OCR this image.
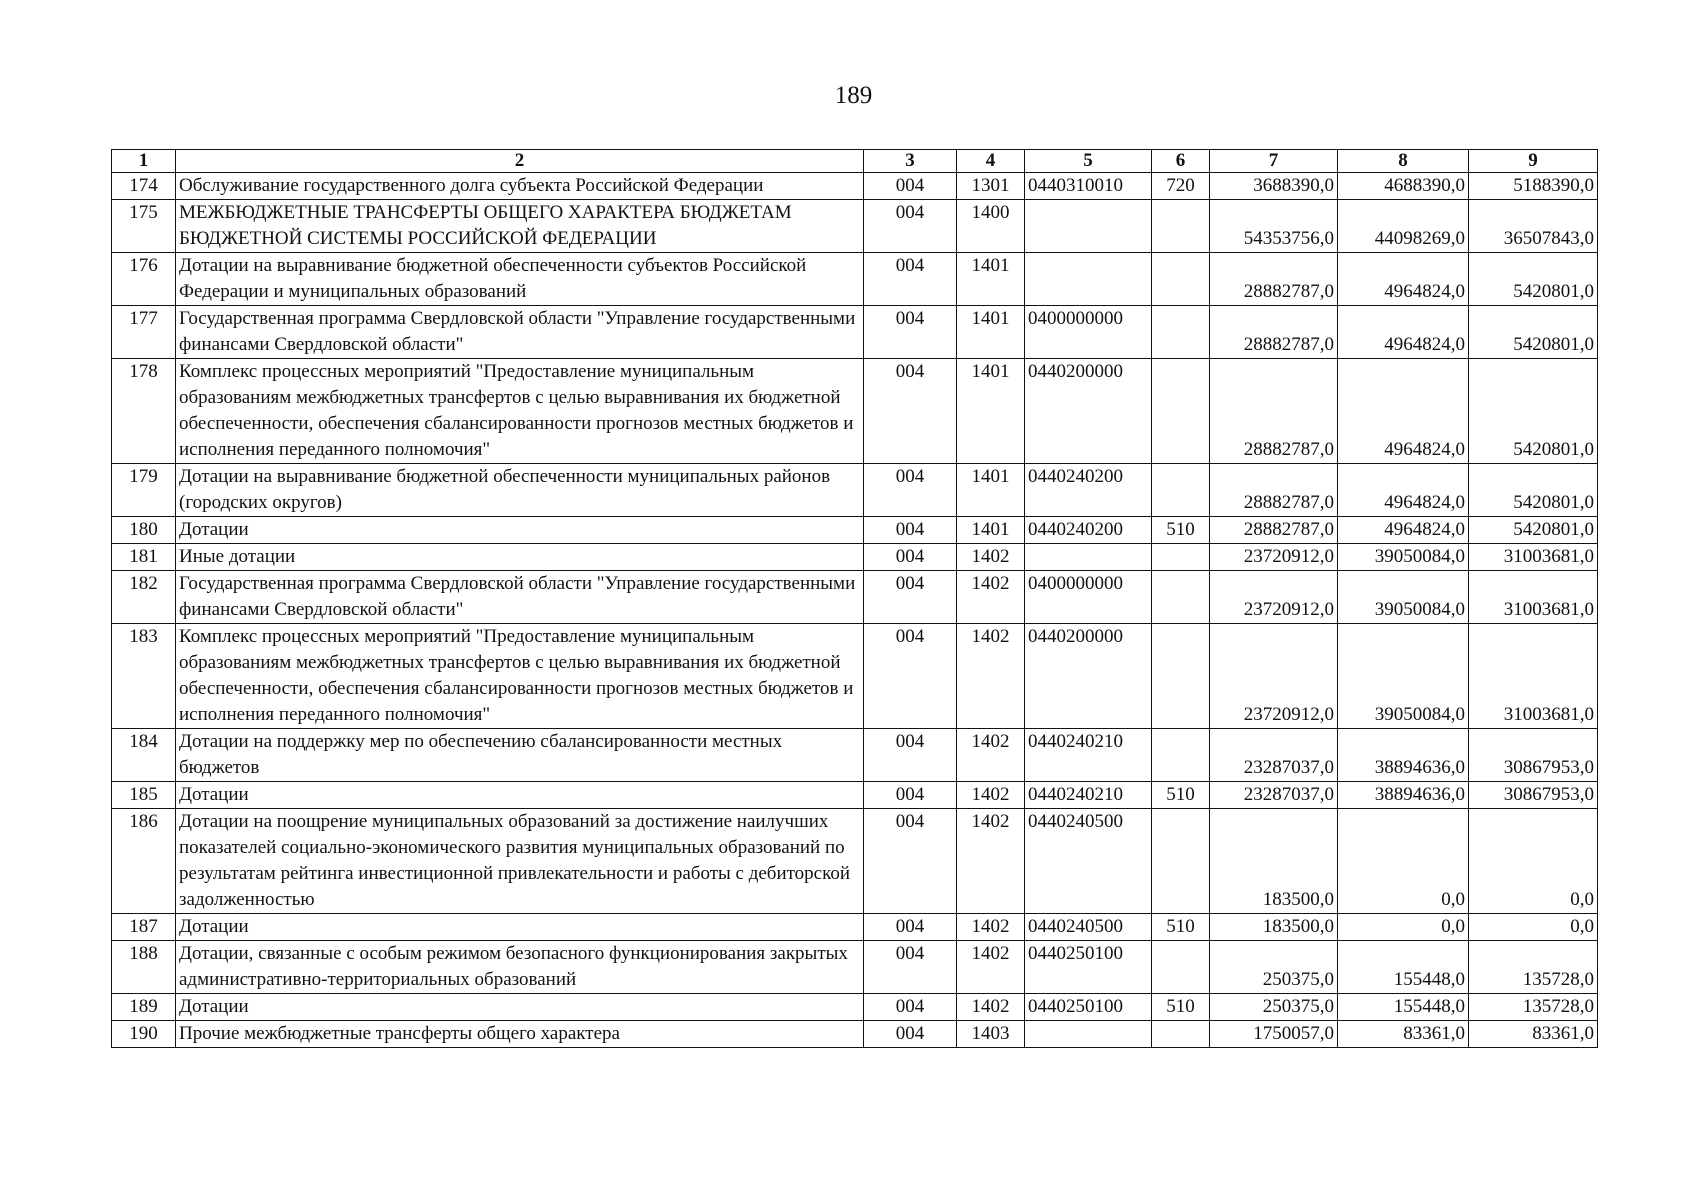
189
1	2	3	4	5	6	7	8	9
174	Обслуживание государственного долга субъекта Российской Федерации	004	1301	0440310010	720	3688390,0	4688390,0	5188390,0
175	МЕЖБЮДЖЕТНЫЕ ТРАНСФЕРТЫ ОБЩЕГО ХАРАКТЕРА БЮДЖЕТАМ БЮДЖЕТНОЙ СИСТЕМЫ РОССИЙСКОЙ ФЕДЕРАЦИИ	004	1400			54353756,0	44098269,0	36507843,0
176	Дотации на выравнивание бюджетной обеспеченности субъектов Российской Федерации и муниципальных образований	004	1401			28882787,0	4964824,0	5420801,0
177	Государственная программа Свердловской области "Управление государственными финансами Свердловской области"	004	1401	0400000000		28882787,0	4964824,0	5420801,0
178	Комплекс процессных мероприятий "Предоставление муниципальным образованиям межбюджетных трансфертов с целью выравнивания их бюджетной обеспеченности, обеспечения сбалансированности прогнозов местных бюджетов и исполнения переданного полномочия"	004	1401	0440200000		28882787,0	4964824,0	5420801,0
179	Дотации на выравнивание бюджетной обеспеченности муниципальных районов (городских округов)	004	1401	0440240200		28882787,0	4964824,0	5420801,0
180	Дотации	004	1401	0440240200	510	28882787,0	4964824,0	5420801,0
181	Иные дотации	004	1402			23720912,0	39050084,0	31003681,0
182	Государственная программа Свердловской области "Управление государственными финансами Свердловской области"	004	1402	0400000000		23720912,0	39050084,0	31003681,0
183	Комплекс процессных мероприятий "Предоставление муниципальным образованиям межбюджетных трансфертов с целью выравнивания их бюджетной обеспеченности, обеспечения сбалансированности прогнозов местных бюджетов и исполнения переданного полномочия"	004	1402	0440200000		23720912,0	39050084,0	31003681,0
184	Дотации на поддержку мер по обеспечению сбалансированности местных бюджетов	004	1402	0440240210		23287037,0	38894636,0	30867953,0
185	Дотации	004	1402	0440240210	510	23287037,0	38894636,0	30867953,0
186	Дотации на поощрение муниципальных образований за достижение наилучших показателей социально-экономического развития муниципальных образований по результатам рейтинга инвестиционной привлекательности и работы с дебиторской задолженностью	004	1402	0440240500		183500,0	0,0	0,0
187	Дотации	004	1402	0440240500	510	183500,0	0,0	0,0
188	Дотации, связанные с особым режимом безопасного функционирования закрытых административно-территориальных образований	004	1402	0440250100		250375,0	155448,0	135728,0
189	Дотации	004	1402	0440250100	510	250375,0	155448,0	135728,0
190	Прочие межбюджетные трансферты общего характера	004	1403			1750057,0	83361,0	83361,0
